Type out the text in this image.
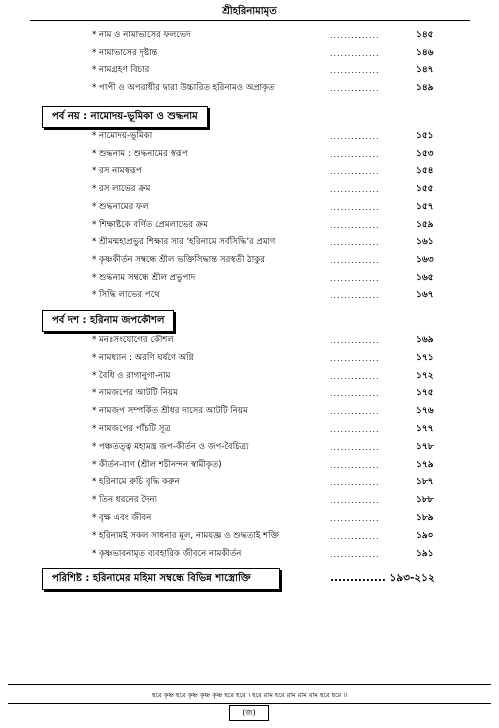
শ্রীহরিনামামৃত
* নাম ও নামাভাসের ফলভেদ	..............	১৪৫
* নামাভাসের দৃষ্টান্ত	..............	১৪৬
* নামগ্রহণ বিচার	..............	১৪৭
* পাপী ও অপরাধীর দ্বারা উচ্চারিত হরিনামও অপ্রাকৃত	..............	১৪৯
পর্ব নয় : নামোদয়-ভূমিকা ও শুদ্ধনাম
* নামোদয়-ভূমিকা	..............	১৫১
* শুদ্ধনাম : শুদ্ধনামের স্বরূপ	..............	১৫৩
* রস নামস্বরূপ	..............	১৫৪
* রস লাভের ক্রম	..............	১৫৫
* শুদ্ধনামের ফল	..............	১৫৭
* শিক্ষাষ্টকে বর্ণিত প্রেমলাভের ক্রম	..............	১৫৯
* শ্রীমন্মহাপ্রভুর শিক্ষার সার 'হরিনামে সর্বসিদ্ধি'র প্রমাণ	..............	১৬১
* কৃষ্ণকীর্তন সম্বন্ধে শ্রীল ভক্তিসিদ্ধান্ত সরস্বতী ঠাকুর	..............	১৬৩
* শুদ্ধনাম সম্বন্ধে শ্রীল প্রভুপাদ	..............	১৬৫
* সিদ্ধি লাভের পথে	..............	১৬৭
পর্ব দশ : হরিনাম জপকৌশল
* মনঃসংযোগের কৌশল	..............	১৬৯
* নামধ্যান : অরণি ঘর্ষণে অগ্নি	..............	১৭১
* বৈধি ও রাগানুগা-নাম	..............	১৭২
* নামজপের আটটি নিয়ম	..............	১৭৫
* নামজপ সম্পর্কিত শ্রীধর দাসের আটটি নিয়ম	..............	১৭৬
* নামজপের পাঁচটি সূত্র	..............	১৭৭
* পঞ্চতত্ত্ব মহামন্ত্র জপ-কীর্তন ও জপ-বৈচিত্র্য	..............	১৭৮
* কীর্তন-বাণ (শ্রীল শচীনন্দন স্বামীকৃত)	..............	১৭৯
* হরিনামে রুচি বৃদ্ধি করুন	..............	১৮৭
* তিন ধরনের দৈন্য	..............	১৮৮
* বৃক্ষ এবং জীবন	..............	১৮৯
* হরিনামই সকল সাধনার মূল, নামযজ্ঞ ও শুদ্ধতাই শক্তি	..............	১৯০
* কৃষ্ণভাবনামৃত ব্যবহারিক জীবনে নামকীর্তন	..............	১৯১
পরিশিষ্ট : হরিনামের মহিমা সম্বন্ধে বিভিন্ন শাস্ত্রোক্তি	.............. ১৯৩-২১২
হরে কৃষ্ণ হরে কৃষ্ণ কৃষ্ণ কৃষ্ণ হরে হরে । হরে রাম হরে রাম রাম রাম হরে হরে ॥
(জ)
